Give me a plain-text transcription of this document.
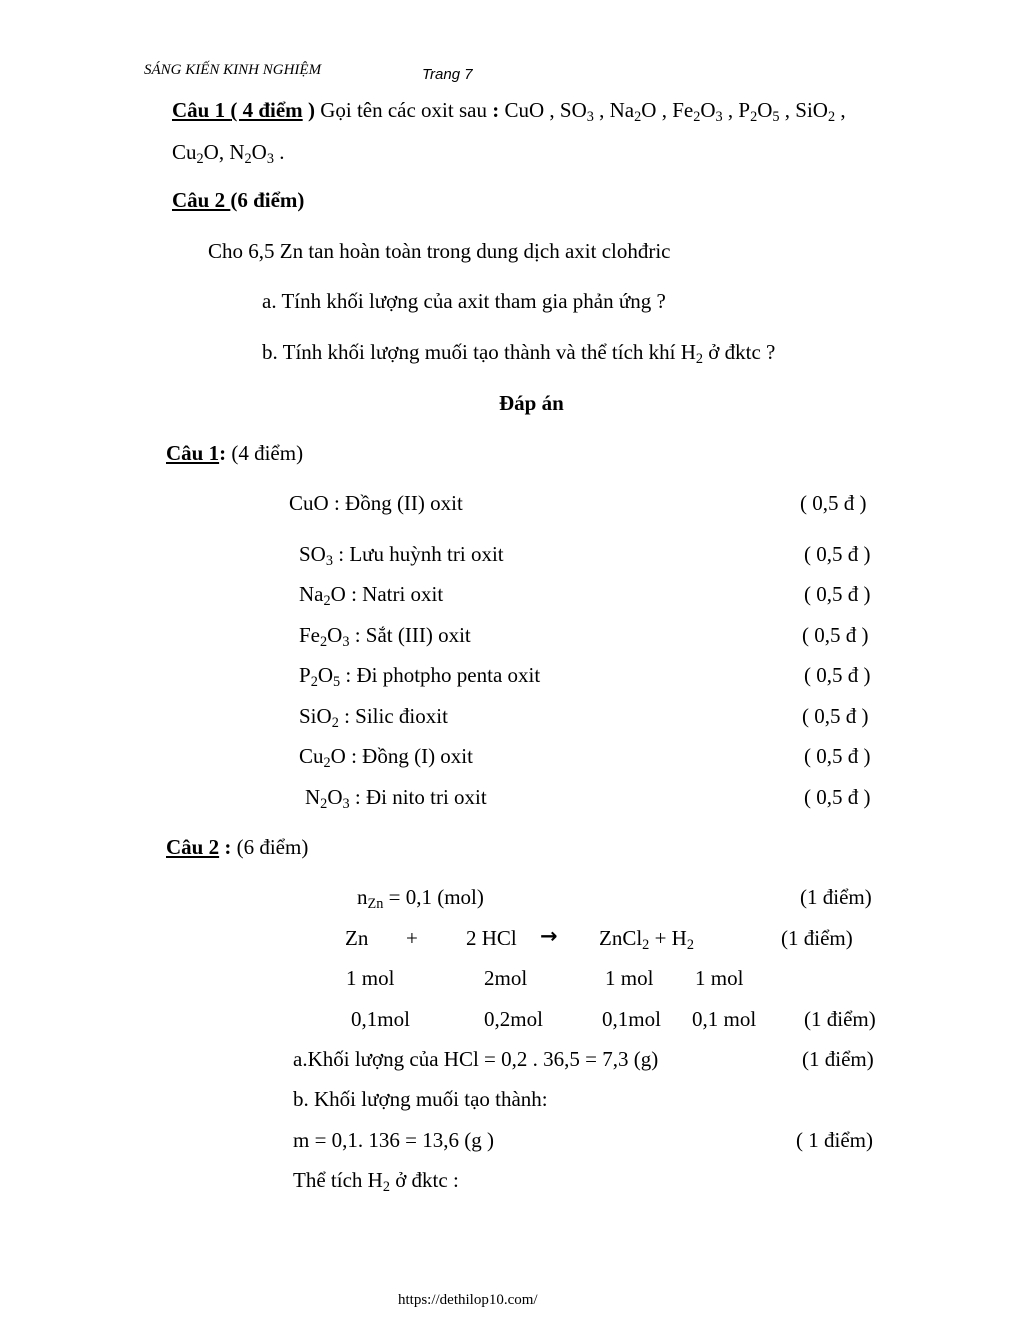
SÁNG KIẾN KINH NGHIỆM	Trang 7
Câu 1 ( 4 điểm ) Gọi tên các oxit sau : CuO , $SO_3$ , $Na_2O$ , $Fe_2O_3$ , $P_2O_5$ , SiO$_2$ ,
$Cu_2O$, $N_2O_3$ .
Câu 2 (6 điểm)
Cho 6,5 Zn tan hoàn toàn trong dung dịch axit clohđric
a. Tính khối lượng của axit tham gia phản ứng ?
b. Tính khối lượng muối tạo thành và thể tích khí $H_2$ ở đktc ?
Đáp án
Câu 1: (4 điểm)
CuO : Đồng (II) oxit	( 0,5 đ )
$SO_3$ : Lưu huỳnh tri oxit	( 0,5 đ )
$Na_2O$ : Natri oxit	( 0,5 đ )
$Fe_2O_3$ : Sắt (III) oxit	( 0,5 đ )
$P_2O_5$ : Đi photpho penta oxit	( 0,5 đ )
SiO$_2$ : Silic đioxit	( 0,5 đ )
$Cu_2O$ : Đồng (I) oxit	( 0,5 đ )
$N_2O_3$ : Đi nito tri oxit	( 0,5 đ )
Câu 2 : (6 điểm)
$n_{Zn} = 0,1$ (mol)	(1 điểm)
Zn + 2 HCl → ZnCl$_2$ + $H_2$	(1 điểm)
1 mol	2mol	1 mol 1 mol
0,1mol	0,2mol	0,1mol 0,1 mol (1 điểm)
a.Khối lượng của HCl = 0,2 . 36,5 = 7,3 (g)	(1 điểm)
b. Khối lượng muối tạo thành:
m = 0,1. 136 = 13,6 (g )	( 1 điểm)
Thể tích $H_2$ ở đktc :
https://dethilop10.com/
